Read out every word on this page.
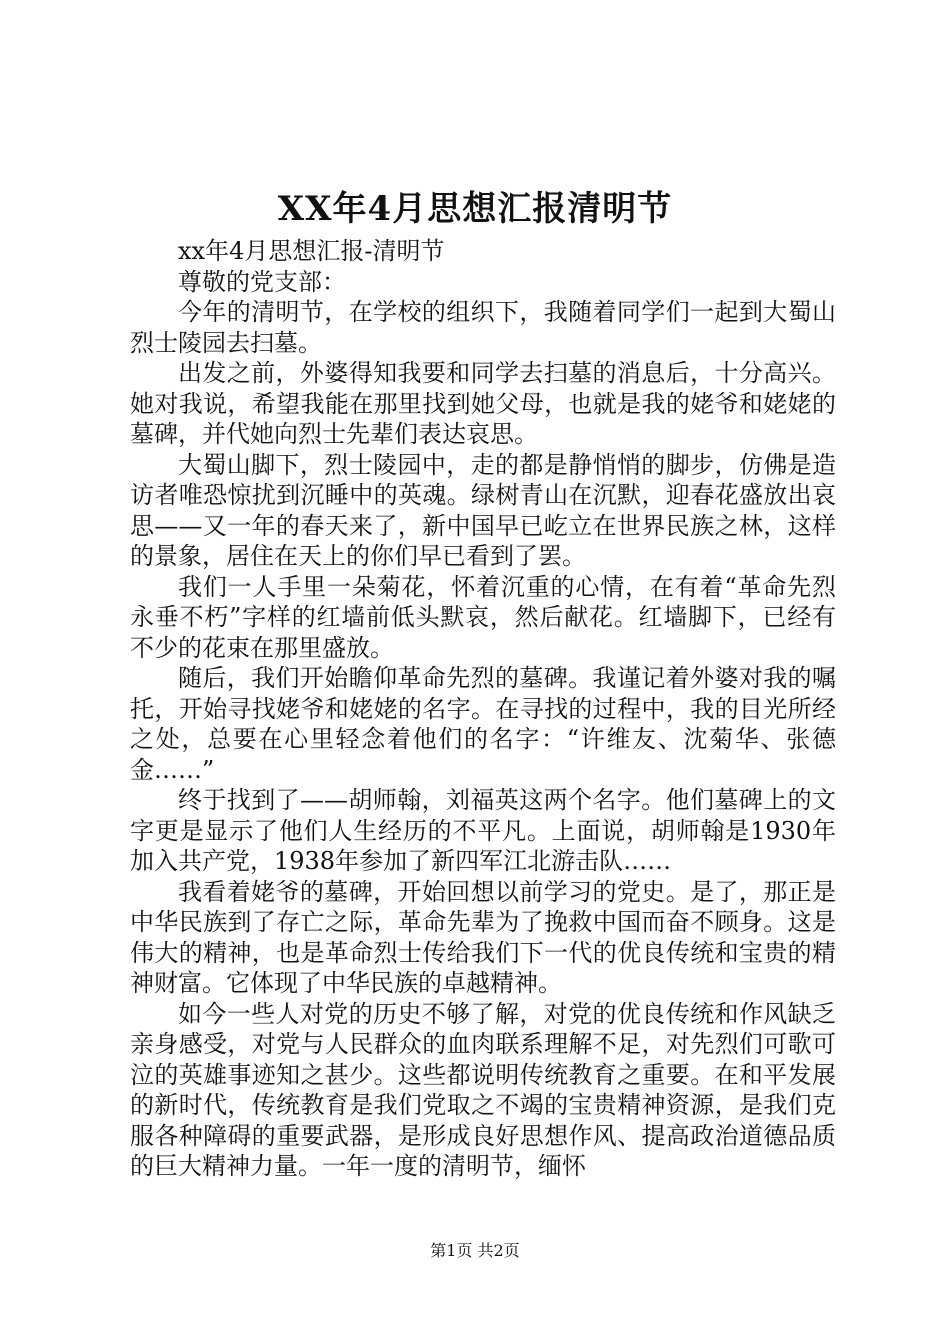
XX年4月思想汇报清明节

xx年4月思想汇报-清明节

尊敬的党支部：

今年的清明节，在学校的组织下，我随着同学们一起到大蜀山烈士陵园去扫墓。

出发之前，外婆得知我要和同学去扫墓的消息后，十分高兴。她对我说，希望我能在那里找到她父母，也就是我的姥爷和姥姥的墓碑，并代她向烈士先辈们表达哀思。

大蜀山脚下，烈士陵园中，走的都是静悄悄的脚步，仿佛是造访者唯恐惊扰到沉睡中的英魂。绿树青山在沉默，迎春花盛放出哀思——又一年的春天来了，新中国早已屹立在世界民族之林，这样的景象，居住在天上的你们早已看到了罢。

我们一人手里一朵菊花，怀着沉重的心情，在有着“革命先烈永垂不朽”字样的红墙前低头默哀，然后献花。红墙脚下，已经有不少的花束在那里盛放。

随后，我们开始瞻仰革命先烈的墓碑。我谨记着外婆对我的嘱托，开始寻找姥爷和姥姥的名字。在寻找的过程中，我的目光所经之处，总要在心里轻念着他们的名字：“许维友、沈菊华、张德金……”

终于找到了——胡师翰，刘福英这两个名字。他们墓碑上的文字更是显示了他们人生经历的不平凡。上面说，胡师翰是1930年加入共产党，1938年参加了新四军江北游击队……

我看着姥爷的墓碑，开始回想以前学习的党史。是了，那正是中华民族到了存亡之际，革命先辈为了挽救中国而奋不顾身。这是伟大的精神，也是革命烈士传给我们下一代的优良传统和宝贵的精神财富。它体现了中华民族的卓越精神。

如今一些人对党的历史不够了解，对党的优良传统和作风缺乏亲身感受，对党与人民群众的血肉联系理解不足，对先烈们可歌可泣的英雄事迹知之甚少。这些都说明传统教育之重要。在和平发展的新时代，传统教育是我们党取之不竭的宝贵精神资源，是我们克服各种障碍的重要武器，是形成良好思想作风、提高政治道德品质的巨大精神力量。一年一度的清明节，缅怀

第1页 共2页
